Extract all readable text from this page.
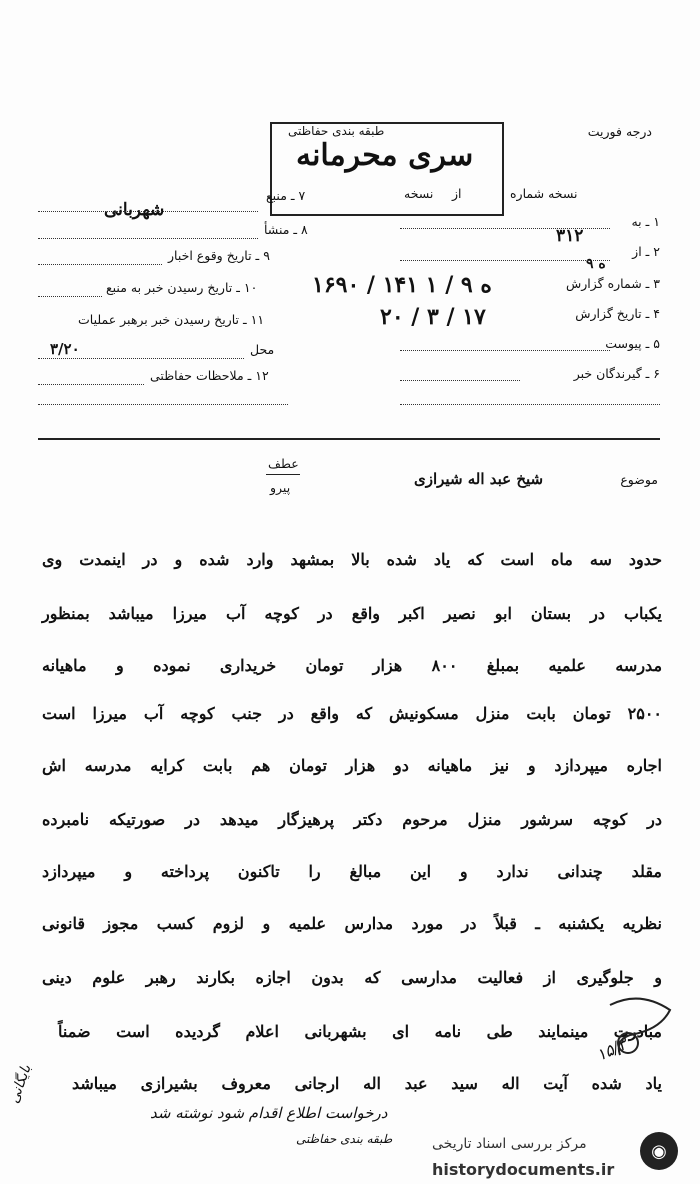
درجه فوریت
طبقه بندی حفاظتی
سری محرمانه
نسخه شماره
از
نسخه
۷ ـ منبع
شهربانی
۸ ـ منشأ
۹ ـ تاریخ وقوع اخبار
۱۰ ـ تاریخ رسیدن خبر به منبع
۱۱ ـ تاریخ رسیدن خبر برهبر عملیات
محل
۳/۲۰
۱۲ ـ ملاحظات حفاظتی
۱ ـ به
۳۱۲
۲ ـ از
ه ۹
۳ ـ شماره گزارش
۱۶۹۰ / ۱۴۱ ه ۹ / ۱
۴ ـ تاریخ گزارش
۲۰ / ۳ / ۱۷
۵ ـ پیوست
۶ ـ گیرندگان خبر
عطف
پیرو
موضوع
شیخ عبد اله شیرازی
حدود سه ماه است که یاد شده بالا بمشهد وارد شده و در اینمدت وی
یکباب در بستان ابو نصیر اکبر واقع در کوچه آب میرزا میباشد بمنظور
مدرسه علمیه بمبلغ ۸۰۰ هزار تومان خریداری نموده و ماهیانه
۲۵۰۰ تومان بابت منزل مسکونیش که واقع در جنب کوچه آب میرزا است
اجاره میپردازد و نیز ماهیانه دو هزار تومان هم بابت کرایه مدرسه اش
در کوچه سرشور منزل مرحوم دکتر پرهیزگار میدهد در صورتیکه نامبرده
مقلد چندانی ندارد و این مبالغ را تاکنون پرداخته و میپردازد
نظریه یکشنبه ـ قبلاً در مورد مدارس علمیه و لزوم کسب مجوز قانونی
و جلوگیری از فعالیت مدارسی که بدون اجازه بکارند رهبر علوم دینی
مبادرت مینمایند طی نامه ای بشهربانی اعلام گردیده است ضمناً
یاد شده آیت اله سید عبد اله ارجانی معروف بشیرازی میباشد
درخواست اطلاع اقدام شود نوشته شد
طبقه بندی حفاظتی
بایگانی
۱۵/۳
مرکز بررسی اسناد تاریخی
historydocuments.ir
◉
